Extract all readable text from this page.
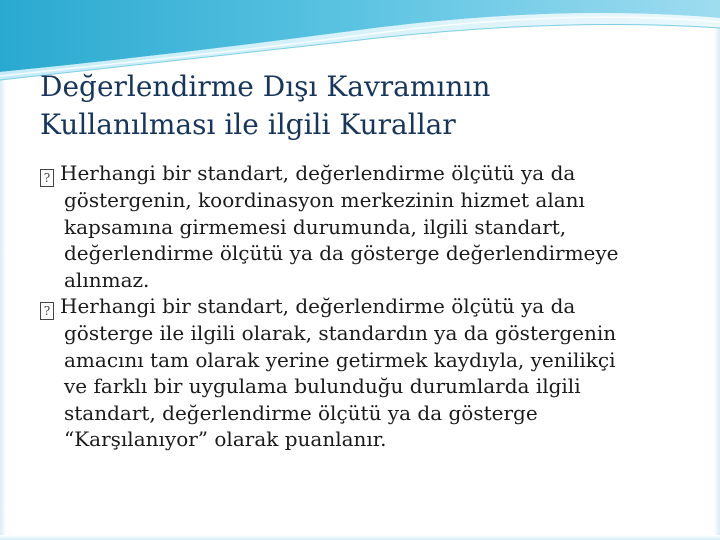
Değerlendirme Dışı Kavramının
Kullanılması ile ilgili Kurallar
? Herhangi bir standart, değerlendirme ölçütü ya da
göstergenin, koordinasyon merkezinin hizmet alanı
kapsamına girmemesi durumunda, ilgili standart,
değerlendirme ölçütü ya da gösterge değerlendirmeye
alınmaz.
? Herhangi bir standart, değerlendirme ölçütü ya da
gösterge ile ilgili olarak, standardın ya da göstergenin
amacını tam olarak yerine getirmek kaydıyla, yenilikçi
ve farklı bir uygulama bulunduğu durumlarda ilgili
standart, değerlendirme ölçütü ya da gösterge
“Karşılanıyor” olarak puanlanır.
